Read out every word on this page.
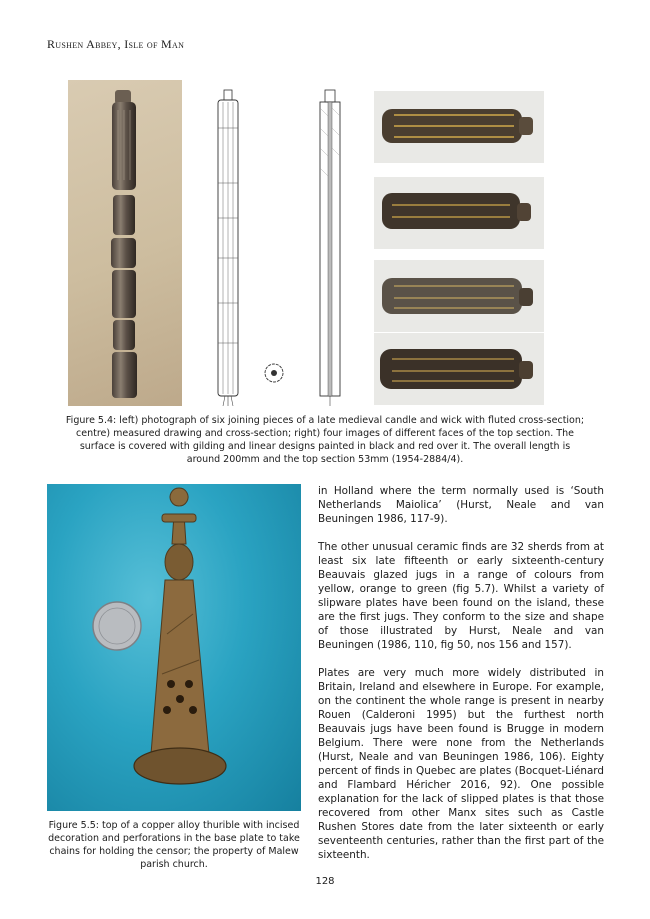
Rushen Abbey, Isle of Man

Figure 5.4: left) photograph of six joining pieces of a late medieval candle and wick with fluted cross-section; centre) measured drawing and cross-section; right) four images of different faces of the top section. The surface is covered with gilding and linear designs painted in black and red over it. The overall length is around 200mm and the top section 53mm (1954-2884/4).

Figure 5.5: top of a copper alloy thurible with incised decoration and perforations in the base plate to take chains for holding the censor; the property of Malew parish church.

in Holland where the term normally used is ‘South Netherlands Maiolica’ (Hurst, Neale and van Beuningen 1986, 117-9).

The other unusual ceramic finds are 32 sherds from at least six late fifteenth or early sixteenth-century Beauvais glazed jugs in a range of colours from yellow, orange to green (fig 5.7). Whilst a variety of slipware plates have been found on the island, these are the first jugs. They conform to the size and shape of those illustrated by Hurst, Neale and van Beuningen (1986, 110, fig 50, nos 156 and 157).

Plates are very much more widely distributed in Britain, Ireland and elsewhere in Europe. For example, on the continent the whole range is present in nearby Rouen (Calderoni 1995) but the furthest north Beauvais jugs have been found is Brugge in modern Belgium. There were none from the Netherlands (Hurst, Neale and van Beuningen 1986, 106). Eighty percent of finds in Quebec are plates (Bocquet-Liénard and Flambard Héricher 2016, 92). One possible explanation for the lack of slipped plates is that those recovered from other Manx sites such as Castle Rushen Stores date from the later sixteenth or early seventeenth centuries, rather than the first part of the sixteenth.

128
